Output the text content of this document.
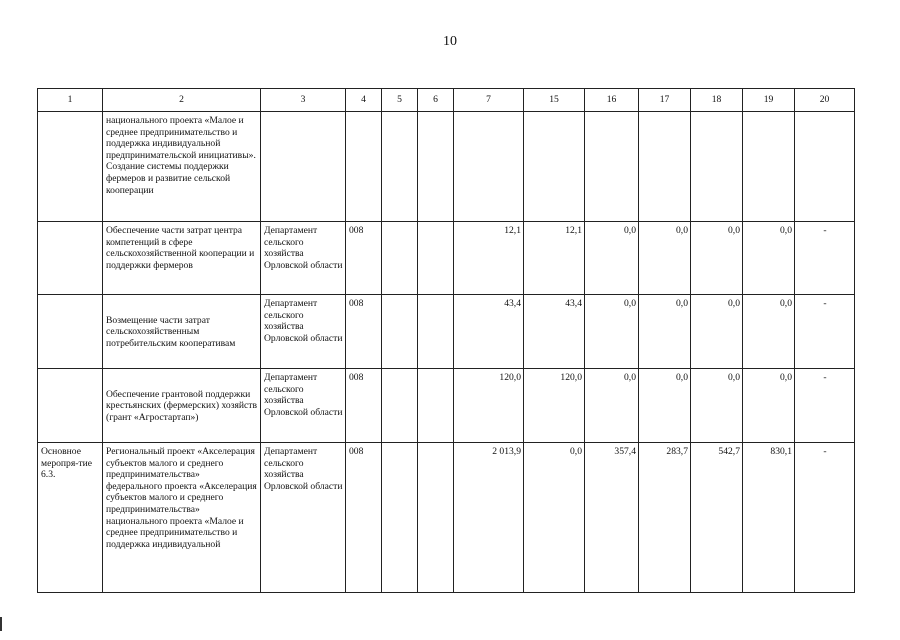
10
1	2	3	4	5	6	7	15	16	17	18	19	20
	национального проекта «Малое и среднее предпринимательство и поддержка индивидуальной предпринимательской инициативы».
Создание системы поддержки фермеров и развитие сельской кооперации											
	Обеспечение части затрат центра компетенций в сфере сельскохозяйственной кооперации и поддержки фермеров	Департамент сельского хозяйства Орловской области	008			12,1	12,1	0,0	0,0	0,0	0,0	-
	Возмещение части затрат сельскохозяйственным потребительским кооперативам	Департамент сельского хозяйства Орловской области	008			43,4	43,4	0,0	0,0	0,0	0,0	-
	Обеспечение грантовой поддержки крестьянских (фермерских) хозяйств (грант «Агростартап»)	Департамент сельского хозяйства Орловской области	008			120,0	120,0	0,0	0,0	0,0	0,0	-
Основное меропря-тие 6.3.	Региональный проект «Акселерация субъектов малого и среднего предпринимательства» федерального проекта «Акселерация субъектов малого и среднего предпринимательства» национального проекта «Малое и среднее предпринимательство и поддержка индивидуальной	Департамент сельского хозяйства Орловской области	008			2 013,9	0,0	357,4	283,7	542,7	830,1	-
